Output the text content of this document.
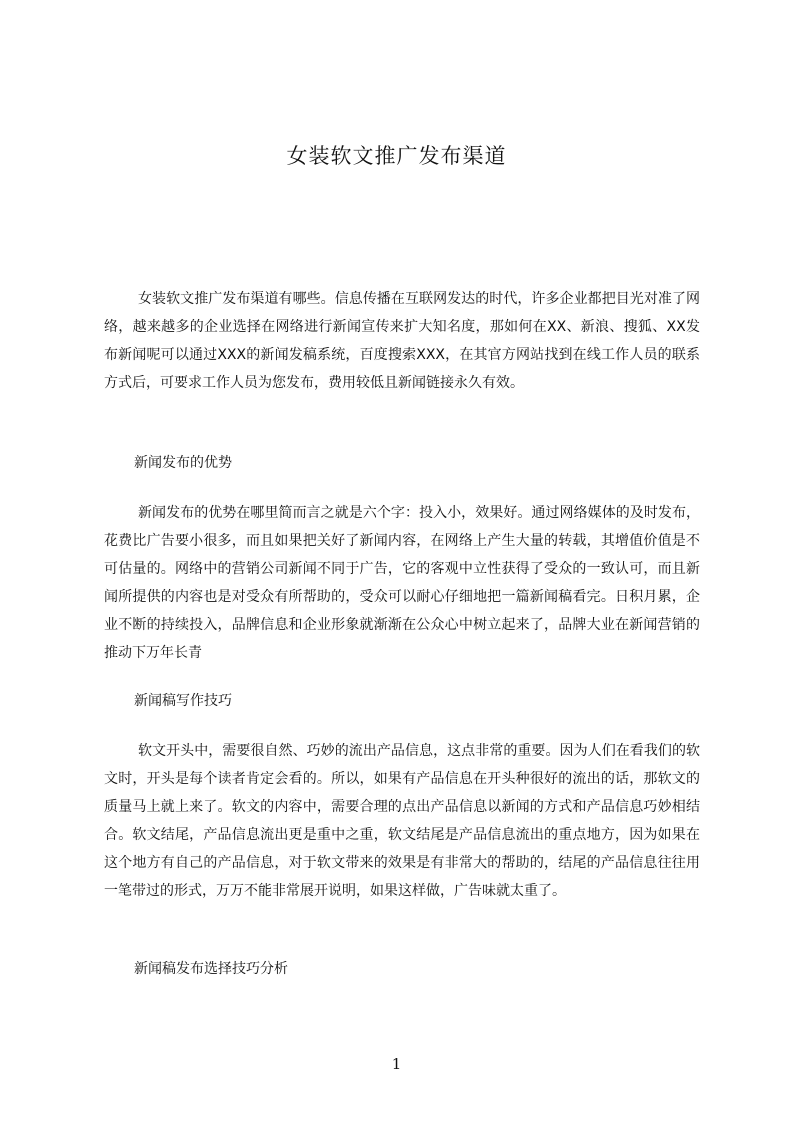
女装软文推广发布渠道

女装软文推广发布渠道有哪些。信息传播在互联网发达的时代，许多企业都把目光对准了网络，越来越多的企业选择在网络进行新闻宣传来扩大知名度，那如何在XX、新浪、搜狐、XX发布新闻呢可以通过XXX的新闻发稿系统，百度搜索XXX，在其官方网站找到在线工作人员的联系方式后，可要求工作人员为您发布，费用较低且新闻链接永久有效。

新闻发布的优势

新闻发布的优势在哪里简而言之就是六个字：投入小，效果好。通过网络媒体的及时发布，花费比广告要小很多，而且如果把关好了新闻内容，在网络上产生大量的转载，其增值价值是不可估量的。网络中的营销公司新闻不同于广告，它的客观中立性获得了受众的一致认可，而且新闻所提供的内容也是对受众有所帮助的，受众可以耐心仔细地把一篇新闻稿看完。日积月累，企业不断的持续投入，品牌信息和企业形象就渐渐在公众心中树立起来了，品牌大业在新闻营销的推动下万年长青

新闻稿写作技巧

软文开头中，需要很自然、巧妙的流出产品信息，这点非常的重要。因为人们在看我们的软文时，开头是每个读者肯定会看的。所以，如果有产品信息在开头种很好的流出的话，那软文的质量马上就上来了。软文的内容中，需要合理的点出产品信息以新闻的方式和产品信息巧妙相结合。软文结尾，产品信息流出更是重中之重，软文结尾是产品信息流出的重点地方，因为如果在这个地方有自己的产品信息，对于软文带来的效果是有非常大的帮助的，结尾的产品信息往往用一笔带过的形式，万万不能非常展开说明，如果这样做，广告味就太重了。

新闻稿发布选择技巧分析

1
